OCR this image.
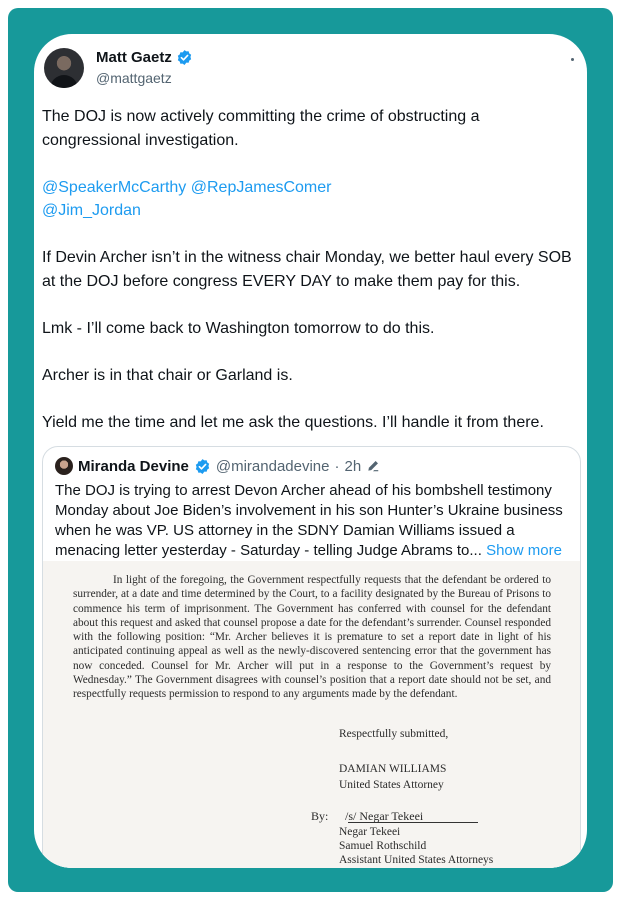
Matt Gaetz
@mattgaetz

The DOJ is now actively committing the crime of obstructing a congressional investigation.

@SpeakerMcCarthy @RepJamesComer
@Jim_Jordan

If Devin Archer isn’t in the witness chair Monday, we better haul every SOB at the DOJ before congress EVERY DAY to make them pay for this.

Lmk - I’ll come back to Washington tomorrow to do this.

Archer is in that chair or Garland is.

Yield me the time and let me ask the questions. I’ll handle it from there.

Miranda Devine @mirandadevine · 2h
The DOJ is trying to arrest Devon Archer ahead of his bombshell testimony Monday about Joe Biden’s involvement in his son Hunter’s Ukraine business when he was VP. US attorney in the SDNY Damian Williams issued a menacing letter yesterday - Saturday - telling Judge Abrams to... Show more
In light of the foregoing, the Government respectfully requests that the defendant be ordered to surrender, at a date and time determined by the Court, to a facility designated by the Bureau of Prisons to commence his term of imprisonment. The Government has conferred with counsel for the defendant about this request and asked that counsel propose a date for the defendant’s surrender. Counsel responded with the following position: “Mr. Archer believes it is premature to set a report date in light of his anticipated continuing appeal as well as the newly-discovered sentencing error that the government has now conceded. Counsel for Mr. Archer will put in a response to the Government’s request by Wednesday.” The Government disagrees with counsel’s position that a report date should not be set, and respectfully requests permission to respond to any arguments made by the defendant.
Respectfully submitted,
DAMIAN WILLIAMS
United States Attorney
By: /s/ Negar Tekeei
Negar Tekeei
Samuel Rothschild
Assistant United States Attorneys
